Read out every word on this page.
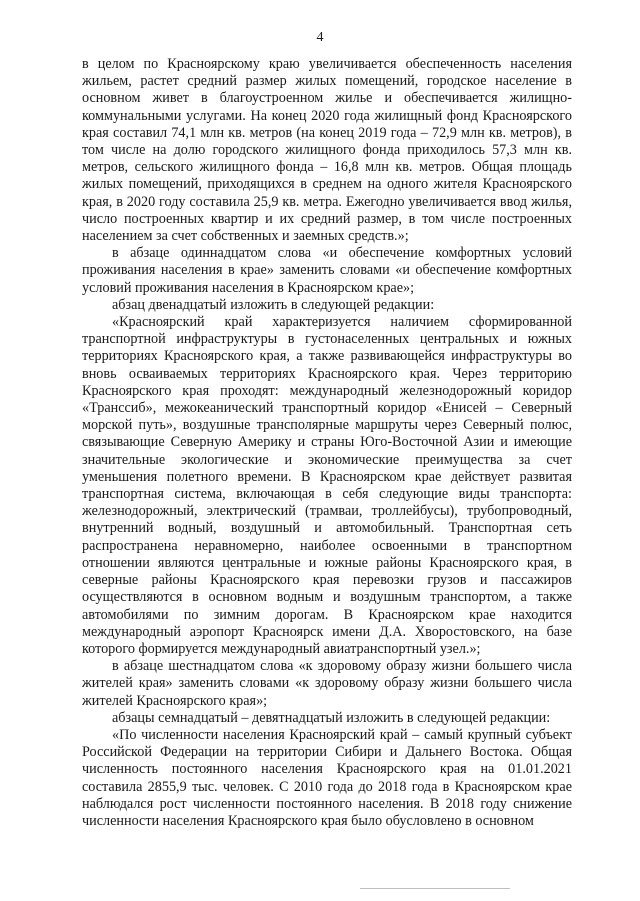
4

в целом по Красноярскому краю увеличивается обеспеченность населения жильем, растет средний размер жилых помещений, городское население в основном живет в благоустроенном жилье и обеспечивается жилищно-коммунальными услугами. На конец 2020 года жилищный фонд Красноярского края составил 74,1 млн кв. метров (на конец 2019 года – 72,9 млн кв. метров), в том числе на долю городского жилищного фонда приходилось 57,3 млн кв. метров, сельского жилищного фонда – 16,8 млн кв. метров. Общая площадь жилых помещений, приходящихся в среднем на одного жителя Красноярского края, в 2020 году составила 25,9 кв. метра. Ежегодно увеличивается ввод жилья, число построенных квартир и их средний размер, в том числе построенных населением за счет собственных и заемных средств.»;

в абзаце одиннадцатом слова «и обеспечение комфортных условий проживания населения в крае» заменить словами «и обеспечение комфортных условий проживания населения в Красноярском крае»;

абзац двенадцатый изложить в следующей редакции:

«Красноярский край характеризуется наличием сформированной транспортной инфраструктуры в густонаселенных центральных и южных территориях Красноярского края, а также развивающейся инфраструктуры во вновь осваиваемых территориях Красноярского края. Через территорию Красноярского края проходят: международный железнодорожный коридор «Транссиб», межокеанический транспортный коридор «Енисей – Северный морской путь», воздушные трансполярные маршруты через Северный полюс, связывающие Северную Америку и страны Юго-Восточной Азии и имеющие значительные экологические и экономические преимущества за счет уменьшения полетного времени. В Красноярском крае действует развитая транспортная система, включающая в себя следующие виды транспорта: железнодорожный, электрический (трамваи, троллейбусы), трубопроводный, внутренний водный, воздушный и автомобильный. Транспортная сеть распространена неравномерно, наиболее освоенными в транспортном отношении являются центральные и южные районы Красноярского края, в северные районы Красноярского края перевозки грузов и пассажиров осуществляются в основном водным и воздушным транспортом, а также автомобилями по зимним дорогам. В Красноярском крае находится международный аэропорт Красноярск имени Д.А. Хворостовского, на базе которого формируется международный авиатранспортный узел.»;

в абзаце шестнадцатом слова «к здоровому образу жизни большего числа жителей края» заменить словами «к здоровому образу жизни большего числа жителей Красноярского края»;

абзацы семнадцатый – девятнадцатый изложить в следующей редакции:

«По численности населения Красноярский край – самый крупный субъект Российской Федерации на территории Сибири и Дальнего Востока. Общая численность постоянного населения Красноярского края на 01.01.2021 составила 2855,9 тыс. человек. С 2010 года до 2018 года в Красноярском крае наблюдался рост численности постоянного населения. В 2018 году снижение численности населения Красноярского края было обусловлено в основном
